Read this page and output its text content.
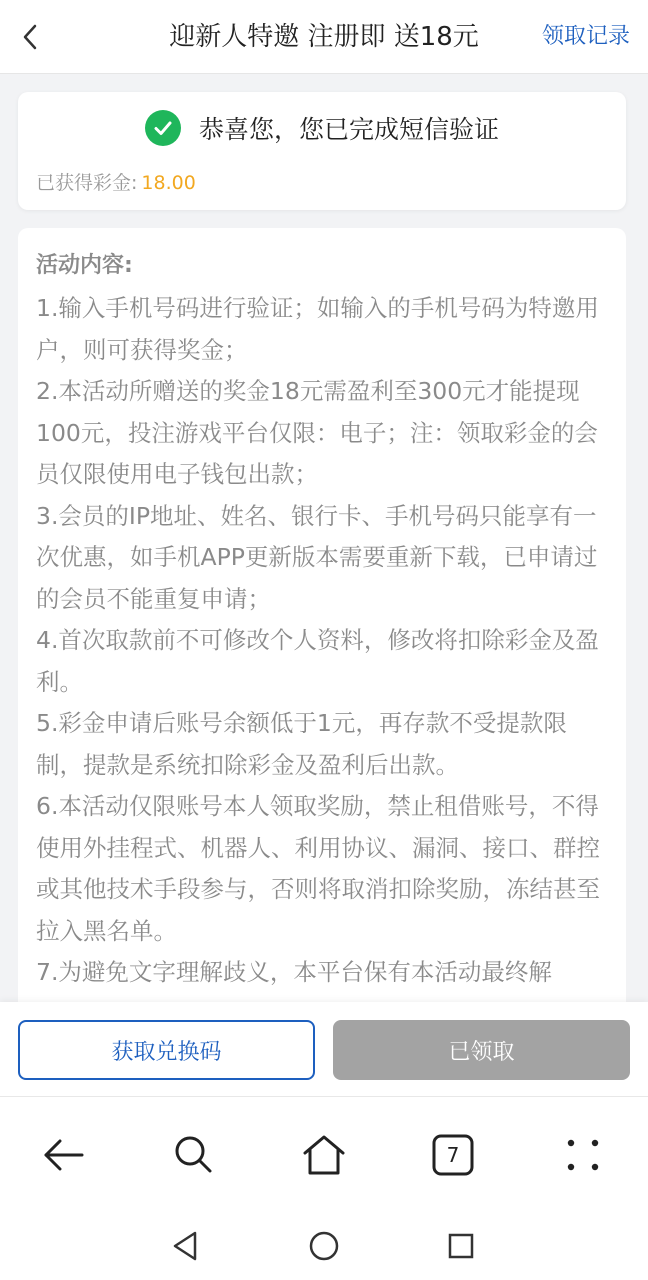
迎新人特邀 注册即 送18元	领取记录
恭喜您，您已完成短信验证
已获得彩金: 18.00
活动内容:

1.输入手机号码进行验证；如输入的手机号码为特邀用户，则可获得奖金；

2.本活动所赠送的奖金18元需盈利至300元才能提现100元，投注游戏平台仅限：电子；注：领取彩金的会员仅限使用电子钱包出款；

3.会员的IP地址、姓名、银行卡、手机号码只能享有一次优惠，如手机APP更新版本需要重新下载，已申请过的会员不能重复申请；

4.首次取款前不可修改个人资料，修改将扣除彩金及盈利。

5.彩金申请后账号余额低于1元，再存款不受提款限制，提款是系统扣除彩金及盈利后出款。

6.本活动仅限账号本人领取奖励，禁止租借账号，不得使用外挂程式、机器人、利用协议、漏洞、接口、群控或其他技术手段参与，否则将取消扣除奖励，冻结甚至拉入黑名单。

7.为避免文字理解歧义，本平台保有本活动最终解

获取兑换码	已领取
7
